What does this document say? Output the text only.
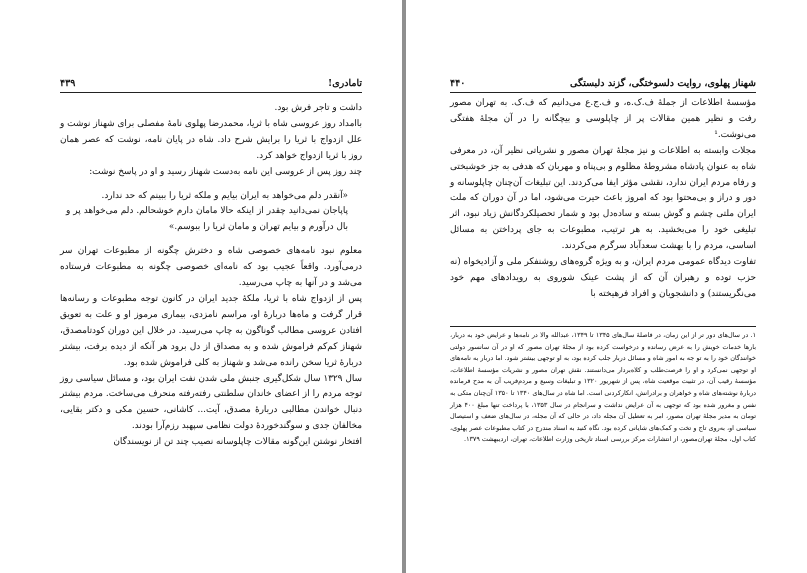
۴۳۹	تامادری!

داشت و تاجر فرش بود.

باامداد روز عروسی شاه با ثریا، محمدرضا پهلوی نامهٔ مفصلی برای شهناز نوشت و علل ازدواج با ثریا را برایش شرح داد. شاه در پایان نامه، نوشت که عصر همان روز با ثریا ازدواج خواهد کرد.

چند روز پس از عروسی این نامه به‌دست شهناز رسید و او در پاسخ نوشت:

«آنقدر دلم می‌خواهد به ایران بیایم و ملکه ثریا را ببینم که حد ندارد.

پاپاجان نمی‌دانید چقدر از اینکه حالا مامان دارم خوشحالم. دلم می‌خواهد پر و بال درآورم و بیایم تهران و مامان ثریا را ببوسم.»

معلوم نبود نامه‌های خصوصی شاه و دخترش چگونه از مطبوعات تهران سر درمی‌آورد. واقعاً عجیب بود که نامه‌ای خصوصی چگونه به مطبوعات فرستاده می‌شد و در آنها به چاپ می‌رسید.

پس از ازدواج شاه با ثریا، ملکهٔ جدید ایران در کانون توجه مطبوعات و رسانه‌ها قرار گرفت و ماه‌ها دربارهٔ او، مراسم نامزدی، بیماری مرموز او و علت به تعویق افتادن عروسی مطالب گوناگون به چاپ می‌رسید. در خلال این دوران کودتامصدق، شهناز کم‌کم فراموش شده و به مصداق از دل برود هر آنکه از دیده برفت، بیشتر دربارهٔ ثریا سخن رانده می‌شد و شهناز به کلی فراموش شده بود.

سال ۱۳۲۹ سال شکل‌گیری جنبش ملی شدن نفت ایران بود، و مسائل سیاسی روز توجه مردم را از اعضای خاندان سلطنتی رفته‌رفته منحرف می‌ساخت. مردم بیشتر دنبال خواندن مطالبی دربارهٔ مصدق، آیت... کاشانی، حسین مکی و دکتر بقایی، مخالفان جدی و سوگندخوردهٔ دولت نظامی سپهبد رزم‌آرا بودند.

افتخار نوشتن این‌گونه مقالات چاپلوسانه نصیب چند تن از نویسندگان

۴۴۰	شهناز پهلوی، روایت دلسوختگی، گزند دلبستگی

مؤسسهٔ اطلاعات از جملهٔ ف.ک.ه، و ف.ج.ع می‌دانیم که ف.ک. به تهران مصور رفت و نظیر همین مقالات پر از چاپلوسی و بیچگانه را در آن مجلهٔ هفتگی می‌نوشت.¹

مجلات وابسته به اطلاعات و نیز مجلهٔ تهران مصور و نشریاتی نظیر آن، در معرفی شاه به عنوان پادشاه مشروطهٔ مظلوم و بی‌پناه و مهربان که هدفی به جز خوشبختی و رفاه مردم ایران ندارد، نقشی مؤثر ایفا می‌کردند. این تبلیغات آن‌چنان چاپلوسانه و دور و دراز و بی‌محتوا بود که امروز باعث حیرت می‌شود، اما در آن دوران که ملت ایران ملتی چشم و گوش بسته و ساده‌دل بود و شمار تحصیلکردگانش زیاد نبود، اثر تبلیغی خود را می‌بخشید. به هر ترتیب، مطبوعات به جای پرداختن به مسائل اساسی، مردم را با بهشت سعدآباد سرگرم می‌کردند.

تفاوت دیدگاه عمومی مردم ایران، و به ویژه گروه‌های روشنفکر ملی و آزادیخواه (نه حزب توده و رهبران آن که از پشت عینک شوروی به رویدادهای مهم خود می‌نگریستند) و دانشجویان و افراد فرهیخته با

۱. در سال‌های دور تر از این زمان، در فاصلهٔ سال‌های ۱۳۴۵ تا ۱۳۴۹، عبدالله والا در نامه‌ها و عرایض خود به دربار، بارها خدمات خویش را به عرض رسانده و درخواست کرده بود از مجلهٔ تهران مصور که او در آن سانسور دولتی خوانندگان خود را به تو جه به امور شاه و مسائل دربار جلب کرده بود، به او توجهی بیشتر شود. اما دربار به نامه‌های او توجهی نمی‌کرد و او را فرصت‌طلب و کلاه‌بردار می‌دانستند. نقش تهران مصور و نشریات مؤسسهٔ اطلاعات، مؤسسهٔ رقیب آن، در تثبیت موقعیت شاه، پس از شهریور ۱۳۲۰ و تبلیغات وسیع و مردم‌فریب آن به مدح فرمانده دربارهٔ نوشته‌های شاه و خواهران و برادرانش، انکارکردنی است. اما شاه در سال‌های ۱۳۴۰ تا ۱۳۵۰ آن‌چنان متکی به نفس و مغرور شده بود که توجهی به آن عرایض نداشت و سرانجام در سال ۱۳۵۳، با پرداخت تنها مبلغ ۴۰۰ هزار تومان به مدیر مجلهٔ تهران مصور، امر به تعطیل آن مجله داد، در حالی که آن مجله، در سال‌های ضعف و استیصال سیاسی او، به‌روی تاج و تخت و کمک‌های شایانی کرده بود. نگاه کنید به اسناد مندرج در کتاب مطبوعات عصر پهلوی، کتاب اول، مجلهٔ تهران‌مصور، از انتشارات مرکز بررسی اسناد تاریخی وزارت اطلاعات، تهران، اردیبهشت ۱۳۷۹.
